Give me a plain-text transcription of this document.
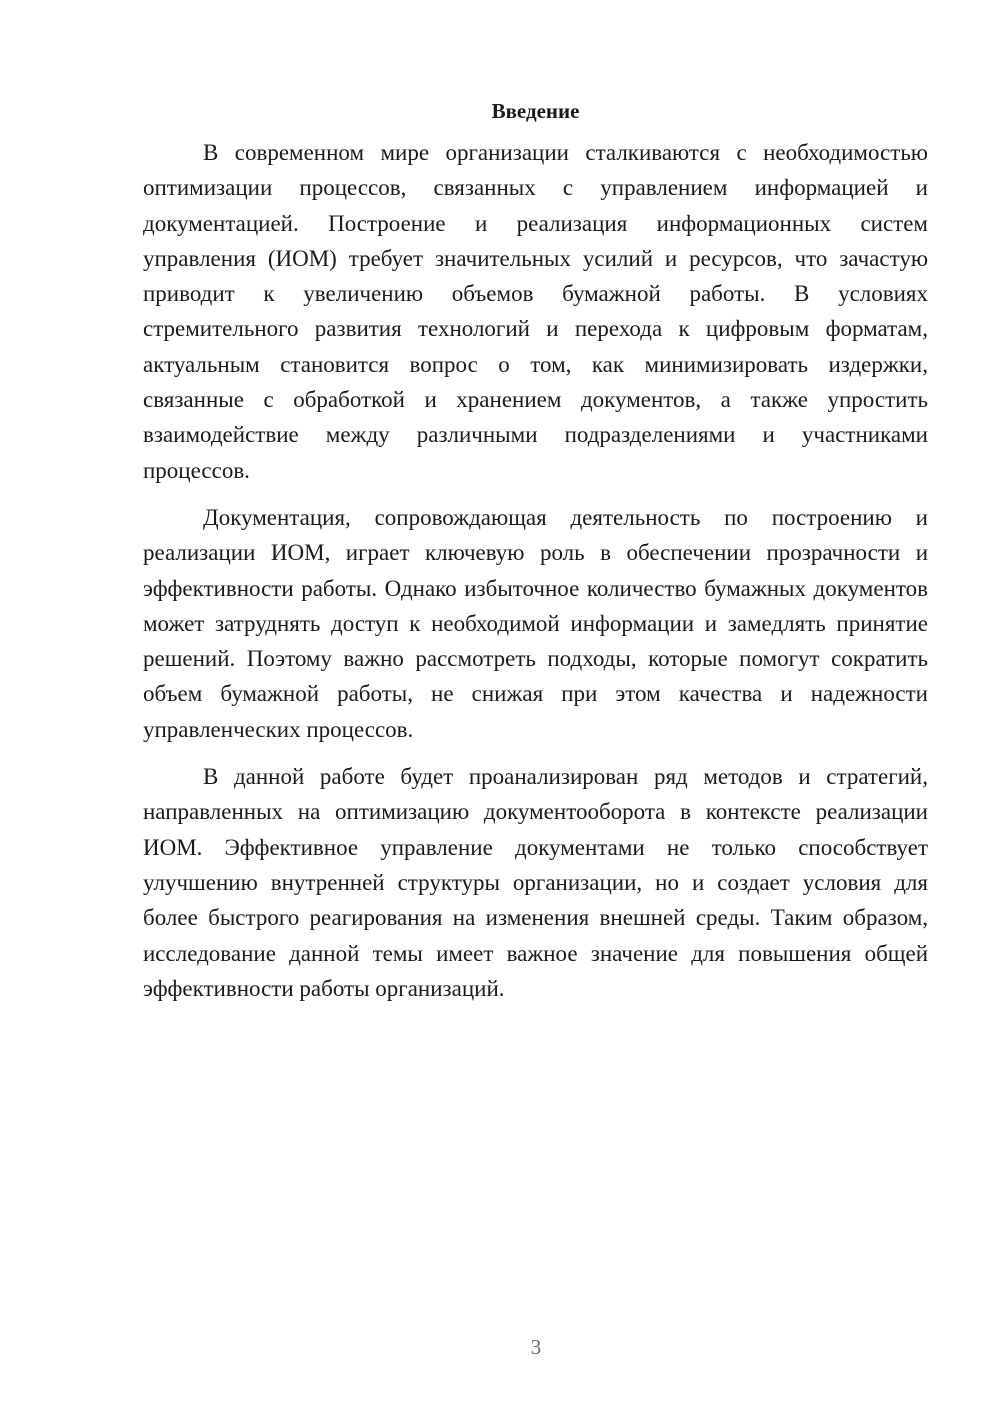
Введение

В современном мире организации сталкиваются с необходимостью оптимизации процессов, связанных с управлением информацией и документацией. Построение и реализация информационных систем управления (ИОМ) требует значительных усилий и ресурсов, что зачастую приводит к увеличению объемов бумажной работы. В условиях стремительного развития технологий и перехода к цифровым форматам, актуальным становится вопрос о том, как минимизировать издержки, связанные с обработкой и хранением документов, а также упростить взаимодействие между различными подразделениями и участниками процессов.

Документация, сопровождающая деятельность по построению и реализации ИОМ, играет ключевую роль в обеспечении прозрачности и эффективности работы. Однако избыточное количество бумажных документов может затруднять доступ к необходимой информации и замедлять принятие решений. Поэтому важно рассмотреть подходы, которые помогут сократить объем бумажной работы, не снижая при этом качества и надежности управленческих процессов.

В данной работе будет проанализирован ряд методов и стратегий, направленных на оптимизацию документооборота в контексте реализации ИОМ. Эффективное управление документами не только способствует улучшению внутренней структуры организации, но и создает условия для более быстрого реагирования на изменения внешней среды. Таким образом, исследование данной темы имеет важное значение для повышения общей эффективности работы организаций.

3
